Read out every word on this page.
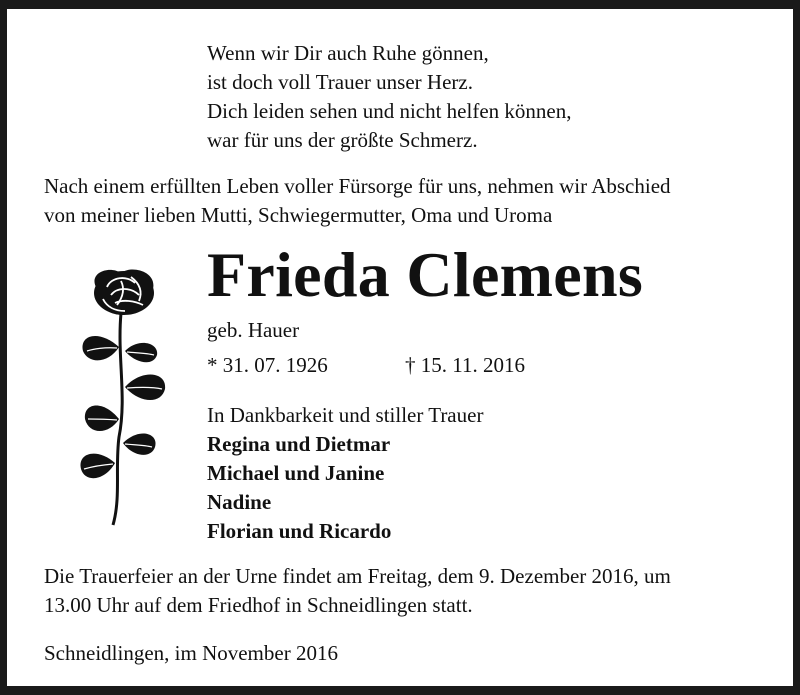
Wenn wir Dir auch Ruhe gönnen,
ist doch voll Trauer unser Herz.
Dich leiden sehen und nicht helfen können,
war für uns der größte Schmerz.
Nach einem erfüllten Leben voller Fürsorge für uns, nehmen wir Abschied
von meiner lieben Mutti, Schwiegermutter, Oma und Uroma
Frieda Clemens
geb. Hauer
* 31. 07. 1926	† 15. 11. 2016
In Dankbarkeit und stiller Trauer
Regina und Dietmar
Michael und Janine
Nadine
Florian und Ricardo
Die Trauerfeier an der Urne findet am Freitag, dem 9. Dezember 2016, um
13.00 Uhr auf dem Friedhof in Schneidlingen statt.
Schneidlingen, im November 2016
